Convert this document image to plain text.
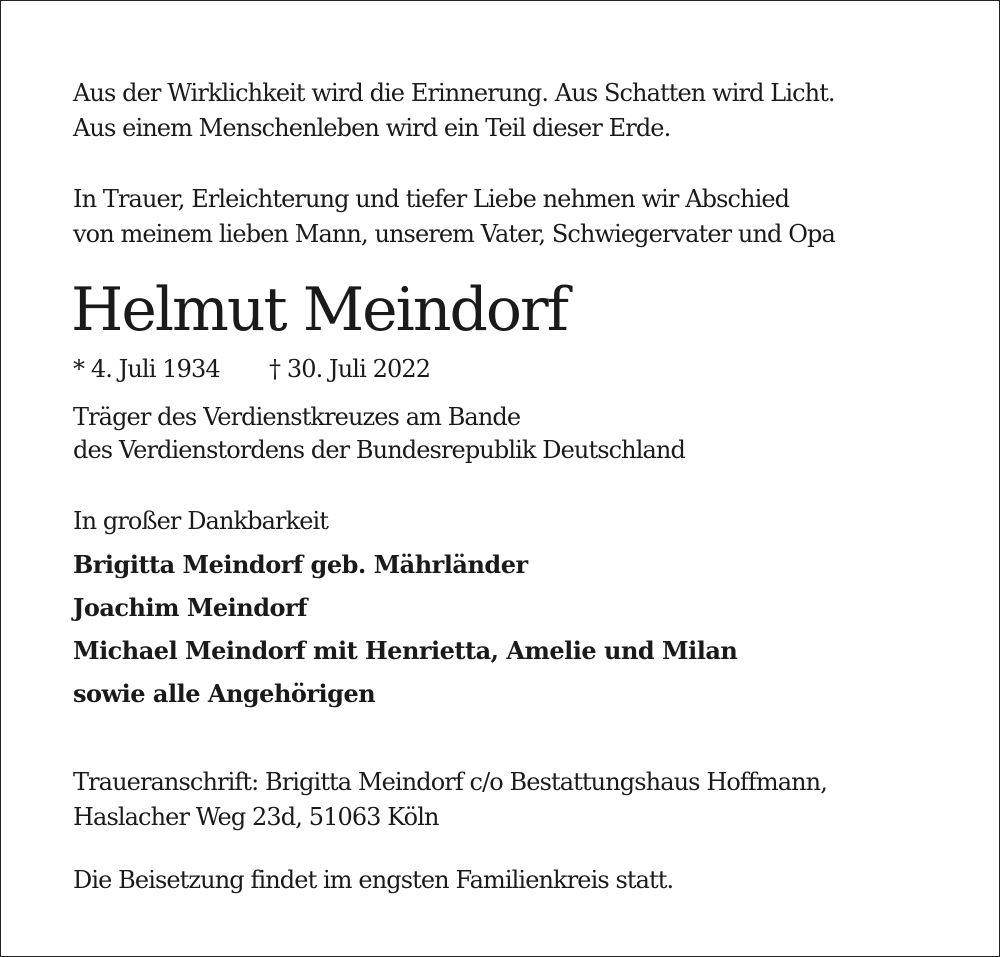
Aus der Wirklichkeit wird die Erinnerung. Aus Schatten wird Licht.
Aus einem Menschenleben wird ein Teil dieser Erde.
In Trauer, Erleichterung und tiefer Liebe nehmen wir Abschied
von meinem lieben Mann, unserem Vater, Schwiegervater und Opa
Helmut Meindorf
* 4. Juli 1934 † 30. Juli 2022
Träger des Verdienstkreuzes am Bande
des Verdienstordens der Bundesrepublik Deutschland
In großer Dankbarkeit
Brigitta Meindorf geb. Mährländer
Joachim Meindorf
Michael Meindorf mit Henrietta, Amelie und Milan
sowie alle Angehörigen
Traueranschrift: Brigitta Meindorf c/o Bestattungshaus Hoffmann,
Haslacher Weg 23d, 51063 Köln
Die Beisetzung findet im engsten Familienkreis statt.
